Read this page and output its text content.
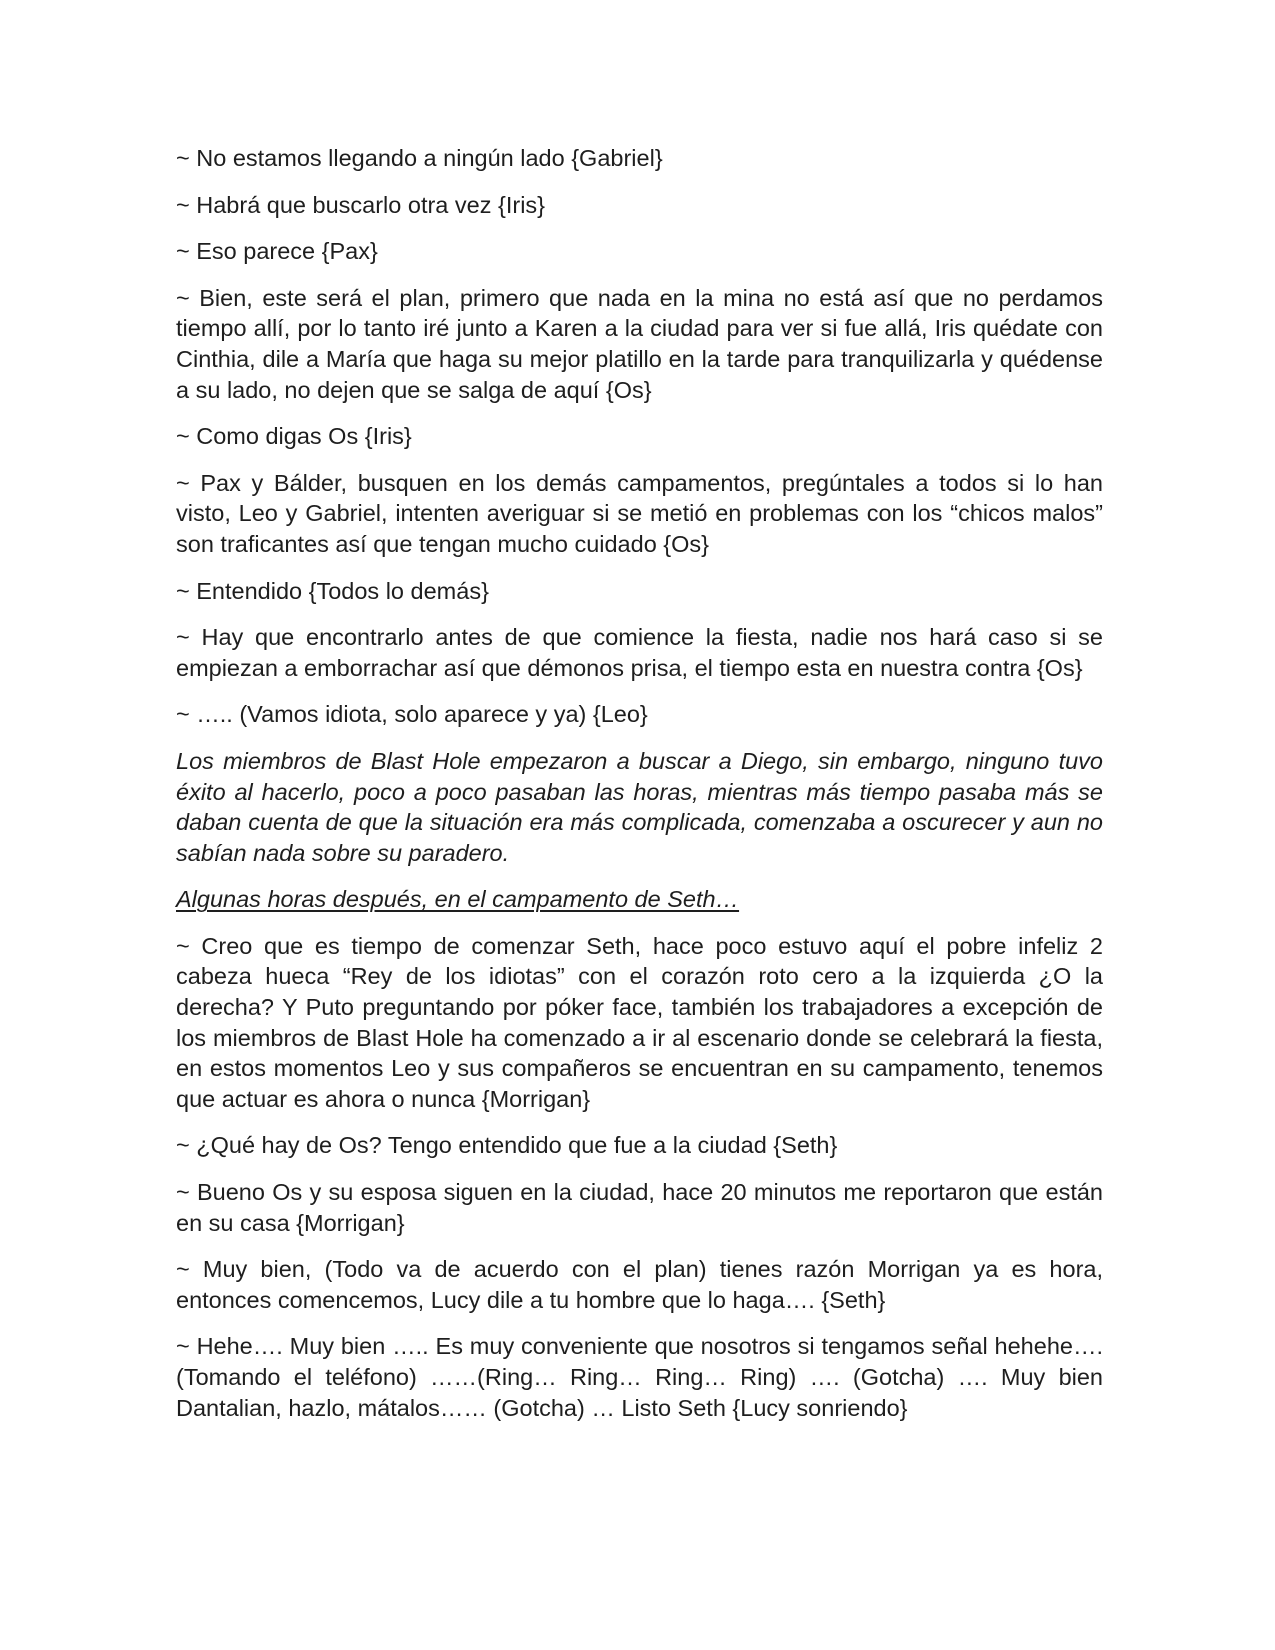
~ No estamos llegando a ningún lado {Gabriel}

~ Habrá que buscarlo otra vez {Iris}

~ Eso parece {Pax}

~ Bien, este será el plan, primero que nada en la mina no está así que no perdamos tiempo allí, por lo tanto iré junto a Karen a la ciudad para ver si fue allá, Iris quédate con Cinthia, dile a María que haga su mejor platillo en la tarde para tranquilizarla y quédense a su lado, no dejen que se salga de aquí {Os}

~ Como digas Os {Iris}

~ Pax y Bálder, busquen en los demás campamentos, pregúntales a todos si lo han visto, Leo y Gabriel, intenten averiguar si se metió en problemas con los “chicos malos” son traficantes así que tengan mucho cuidado {Os}

~ Entendido {Todos lo demás}

~ Hay que encontrarlo antes de que comience la fiesta, nadie nos hará caso si se empiezan a emborrachar así que démonos prisa, el tiempo esta en nuestra contra {Os}

~ ….. (Vamos idiota, solo aparece y ya) {Leo}

Los miembros de Blast Hole empezaron a buscar a Diego, sin embargo, ninguno tuvo éxito al hacerlo, poco a poco pasaban las horas, mientras más tiempo pasaba más se daban cuenta de que la situación era más complicada, comenzaba a oscurecer y aun no sabían nada sobre su paradero.

Algunas horas después, en el campamento de Seth…

~ Creo que es tiempo de comenzar Seth, hace poco estuvo aquí el pobre infeliz 2 cabeza hueca “Rey de los idiotas” con el corazón roto cero a la izquierda ¿O la derecha? Y Puto preguntando por póker face, también los trabajadores a excepción de los miembros de Blast Hole ha comenzado a ir al escenario donde se celebrará la fiesta, en estos momentos Leo y sus compañeros se encuentran en su campamento, tenemos que actuar es ahora o nunca {Morrigan}

~ ¿Qué hay de Os? Tengo entendido que fue a la ciudad {Seth}

~ Bueno Os y su esposa siguen en la ciudad, hace 20 minutos me reportaron que están en su casa {Morrigan}

~ Muy bien, (Todo va de acuerdo con el plan) tienes razón Morrigan ya es hora, entonces comencemos, Lucy dile a tu hombre que lo haga…. {Seth}

~ Hehe…. Muy bien ….. Es muy conveniente que nosotros si tengamos señal hehehe…. (Tomando el teléfono) ……(Ring… Ring… Ring… Ring) …. (Gotcha) …. Muy bien Dantalian, hazlo, mátalos…… (Gotcha) … Listo Seth {Lucy sonriendo}
